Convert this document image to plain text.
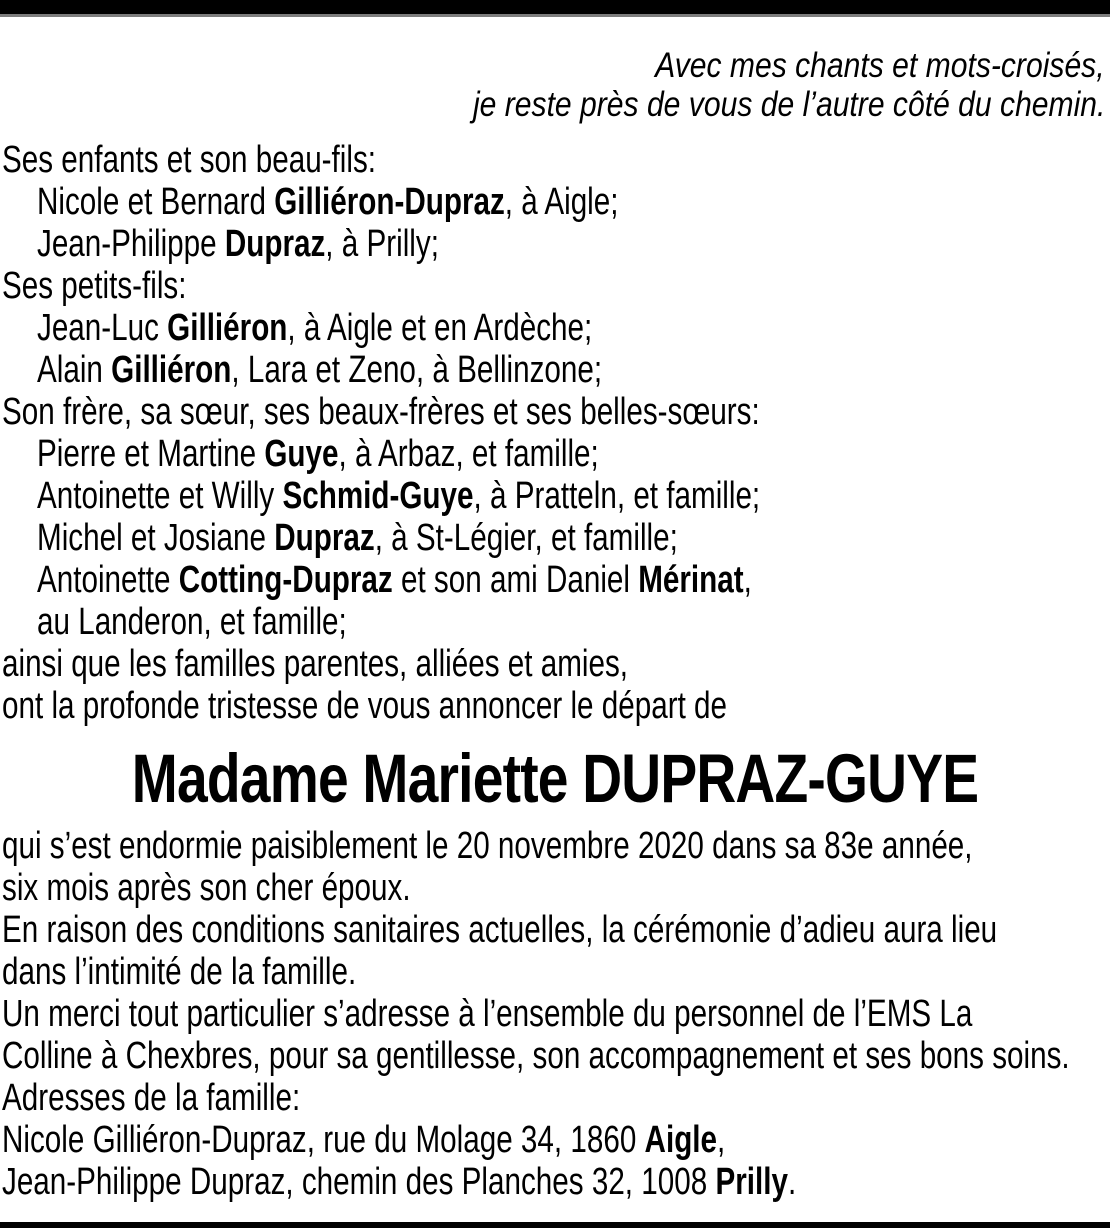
Avec mes chants et mots-croisés,
je reste près de vous de l’autre côté du chemin.
Ses enfants et son beau-fils:
Nicole et Bernard Gilliéron-Dupraz, à Aigle;
Jean-Philippe Dupraz, à Prilly;
Ses petits-fils:
Jean-Luc Gilliéron, à Aigle et en Ardèche;
Alain Gilliéron, Lara et Zeno, à Bellinzone;
Son frère, sa sœur, ses beaux-frères et ses belles-sœurs:
Pierre et Martine Guye, à Arbaz, et famille;
Antoinette et Willy Schmid-Guye, à Pratteln, et famille;
Michel et Josiane Dupraz, à St-Légier, et famille;
Antoinette Cotting-Dupraz et son ami Daniel Mérinat,
au Landeron, et famille;
ainsi que les familles parentes, alliées et amies,
ont la profonde tristesse de vous annoncer le départ de
Madame Mariette DUPRAZ-GUYE
qui s’est endormie paisiblement le 20 novembre 2020 dans sa 83e année,
six mois après son cher époux.
En raison des conditions sanitaires actuelles, la cérémonie d’adieu aura lieu
dans l’intimité de la famille.
Un merci tout particulier s’adresse à l’ensemble du personnel de l’EMS La
Colline à Chexbres, pour sa gentillesse, son accompagnement et ses bons soins.
Adresses de la famille:
Nicole Gilliéron-Dupraz, rue du Molage 34, 1860 Aigle,
Jean-Philippe Dupraz, chemin des Planches 32, 1008 Prilly.
